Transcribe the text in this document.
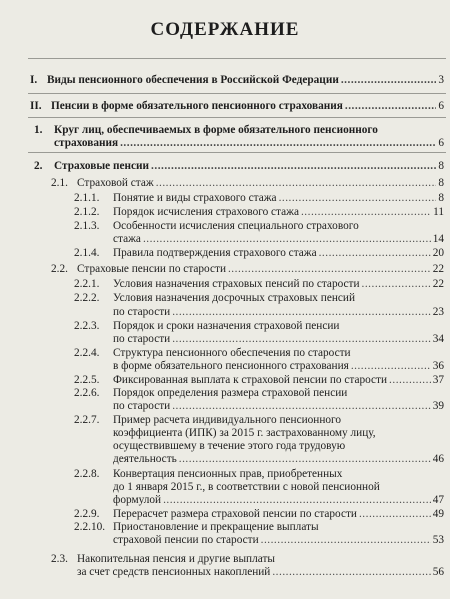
СОДЕРЖАНИЕ
I. Виды пенсионного обеспечения в Российской Федерации .....	3
II. Пенсии в форме обязательного пенсионного страхования .....	6
1. Круг лиц, обеспечиваемых в форме обязательного пенсионного
страхования .....	6
2. Страховые пенсии .....	8
2.1. Страховой стаж .....	8
2.1.1. Понятие и виды страхового стажа .....	8
2.1.2. Порядок исчисления страхового стажа .....	11
2.1.3. Особенности исчисления специального страхового
стажа .....	14
2.1.4. Правила подтверждения страхового стажа .....	20
2.2. Страховые пенсии по старости .....	22
2.2.1. Условия назначения страховых пенсий по старости .....	22
2.2.2. Условия назначения досрочных страховых пенсий
по старости .....	23
2.2.3. Порядок и сроки назначения страховой пенсии
по старости .....	34
2.2.4. Структура пенсионного обеспечения по старости
в форме обязательного пенсионного страхования .....	36
2.2.5. Фиксированная выплата к страховой пенсии по старости .....	37
2.2.6. Порядок определения размера страховой пенсии
по старости .....	39
2.2.7. Пример расчета индивидуального пенсионного
коэффициента (ИПК) за 2015 г. застрахованному лицу,
осуществившему в течение этого года трудовую
деятельность .....	46
2.2.8. Конвертация пенсионных прав, приобретенных
до 1 января 2015 г., в соответствии с новой пенсионной
формулой .....	47
2.2.9. Перерасчет размера страховой пенсии по старости .....	49
2.2.10. Приостановление и прекращение выплаты
страховой пенсии по старости .....	53
2.3. Накопительная пенсия и другие выплаты
за счет средств пенсионных накоплений .....	56
